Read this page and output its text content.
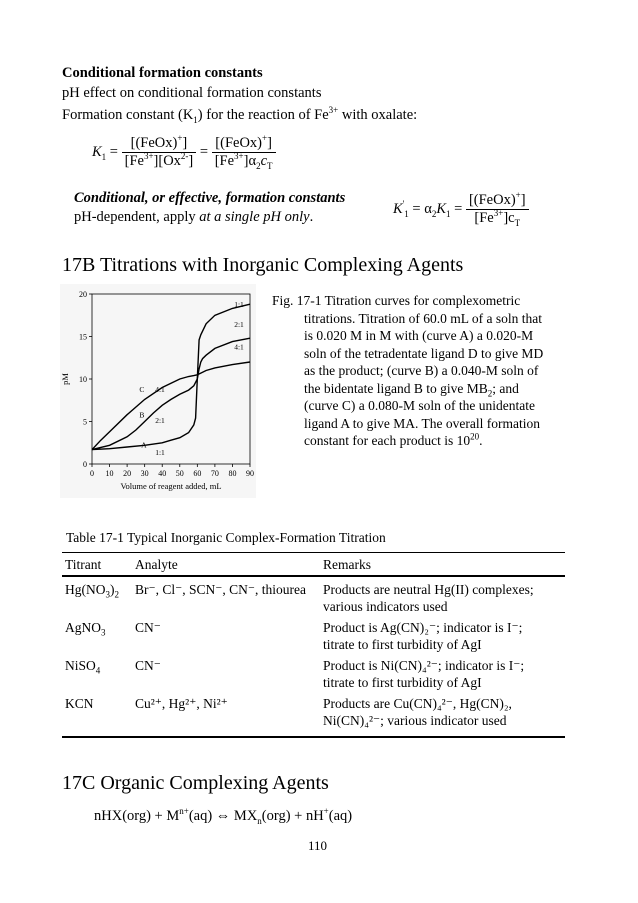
Conditional formation constants
pH effect on conditional formation constants
Formation constant $(K_1)$ for the reaction of $Fe^{3+}$ with oxalate:
$K_1 = \frac{[(FeOx)^+]}{[Fe^{3+}][Ox^{2-}]} = \frac{[(FeOx)^+]}{[Fe^{3+}]\alpha_2c_T}$
Conditional, or effective, formation constants
pH-dependent, apply at a single pH only.	$K'_1 = \alpha_2K_1 = \frac{[(FeOx)^+]}{[Fe^{3+}]c_T}$
17B Titrations with Inorganic Complexing Agents
0 10 20 30 40 50 60 70 80 90
0
5
10
15
20
Volume of reagent added, mL
pM
1:1
2:1
4:1
1:1
2:1
4:1
A
B
C
Fig. 17-1 Titration curves for complexometric
titrations. Titration of 60.0 mL of a soln that
is 0.020 M in M with (curve A) a 0.020-M
soln of the tetradentate ligand D to give MD
as the product; (curve B) a 0.040-M soln of
the bidentate ligand B to give $MB_2$; and
(curve C) a 0.080-M soln of the unidentate
ligand A to give MA. The overall formation
constant for each product is $10^{20}$.
Table 17-1 Typical Inorganic Complex-Formation Titration
Titrant	Analyte	Remarks
$Hg(NO_3)_2$	Br⁻, Cl⁻, SCN⁻, CN⁻, thiourea	Products are neutral Hg(II) complexes;
various indicators used

AgNO$_3$	CN⁻	Product is Ag(CN)₂⁻; indicator is I⁻;
titrate to first turbidity of AgI

NiSO$_4$	CN⁻	Product is Ni(CN)₄²⁻; indicator is I⁻;
titrate to first turbidity of AgI

KCN	Cu²⁺, Hg²⁺, Ni²⁺	Products are Cu(CN)₄²⁻, Hg(CN)₂,
Ni(CN)₄²⁻; various indicator used
17C Organic Complexing Agents
$nHX(org) + M^{n+}(aq)$ ⇔ $MX_n(org) + nH^+(aq)$
110
